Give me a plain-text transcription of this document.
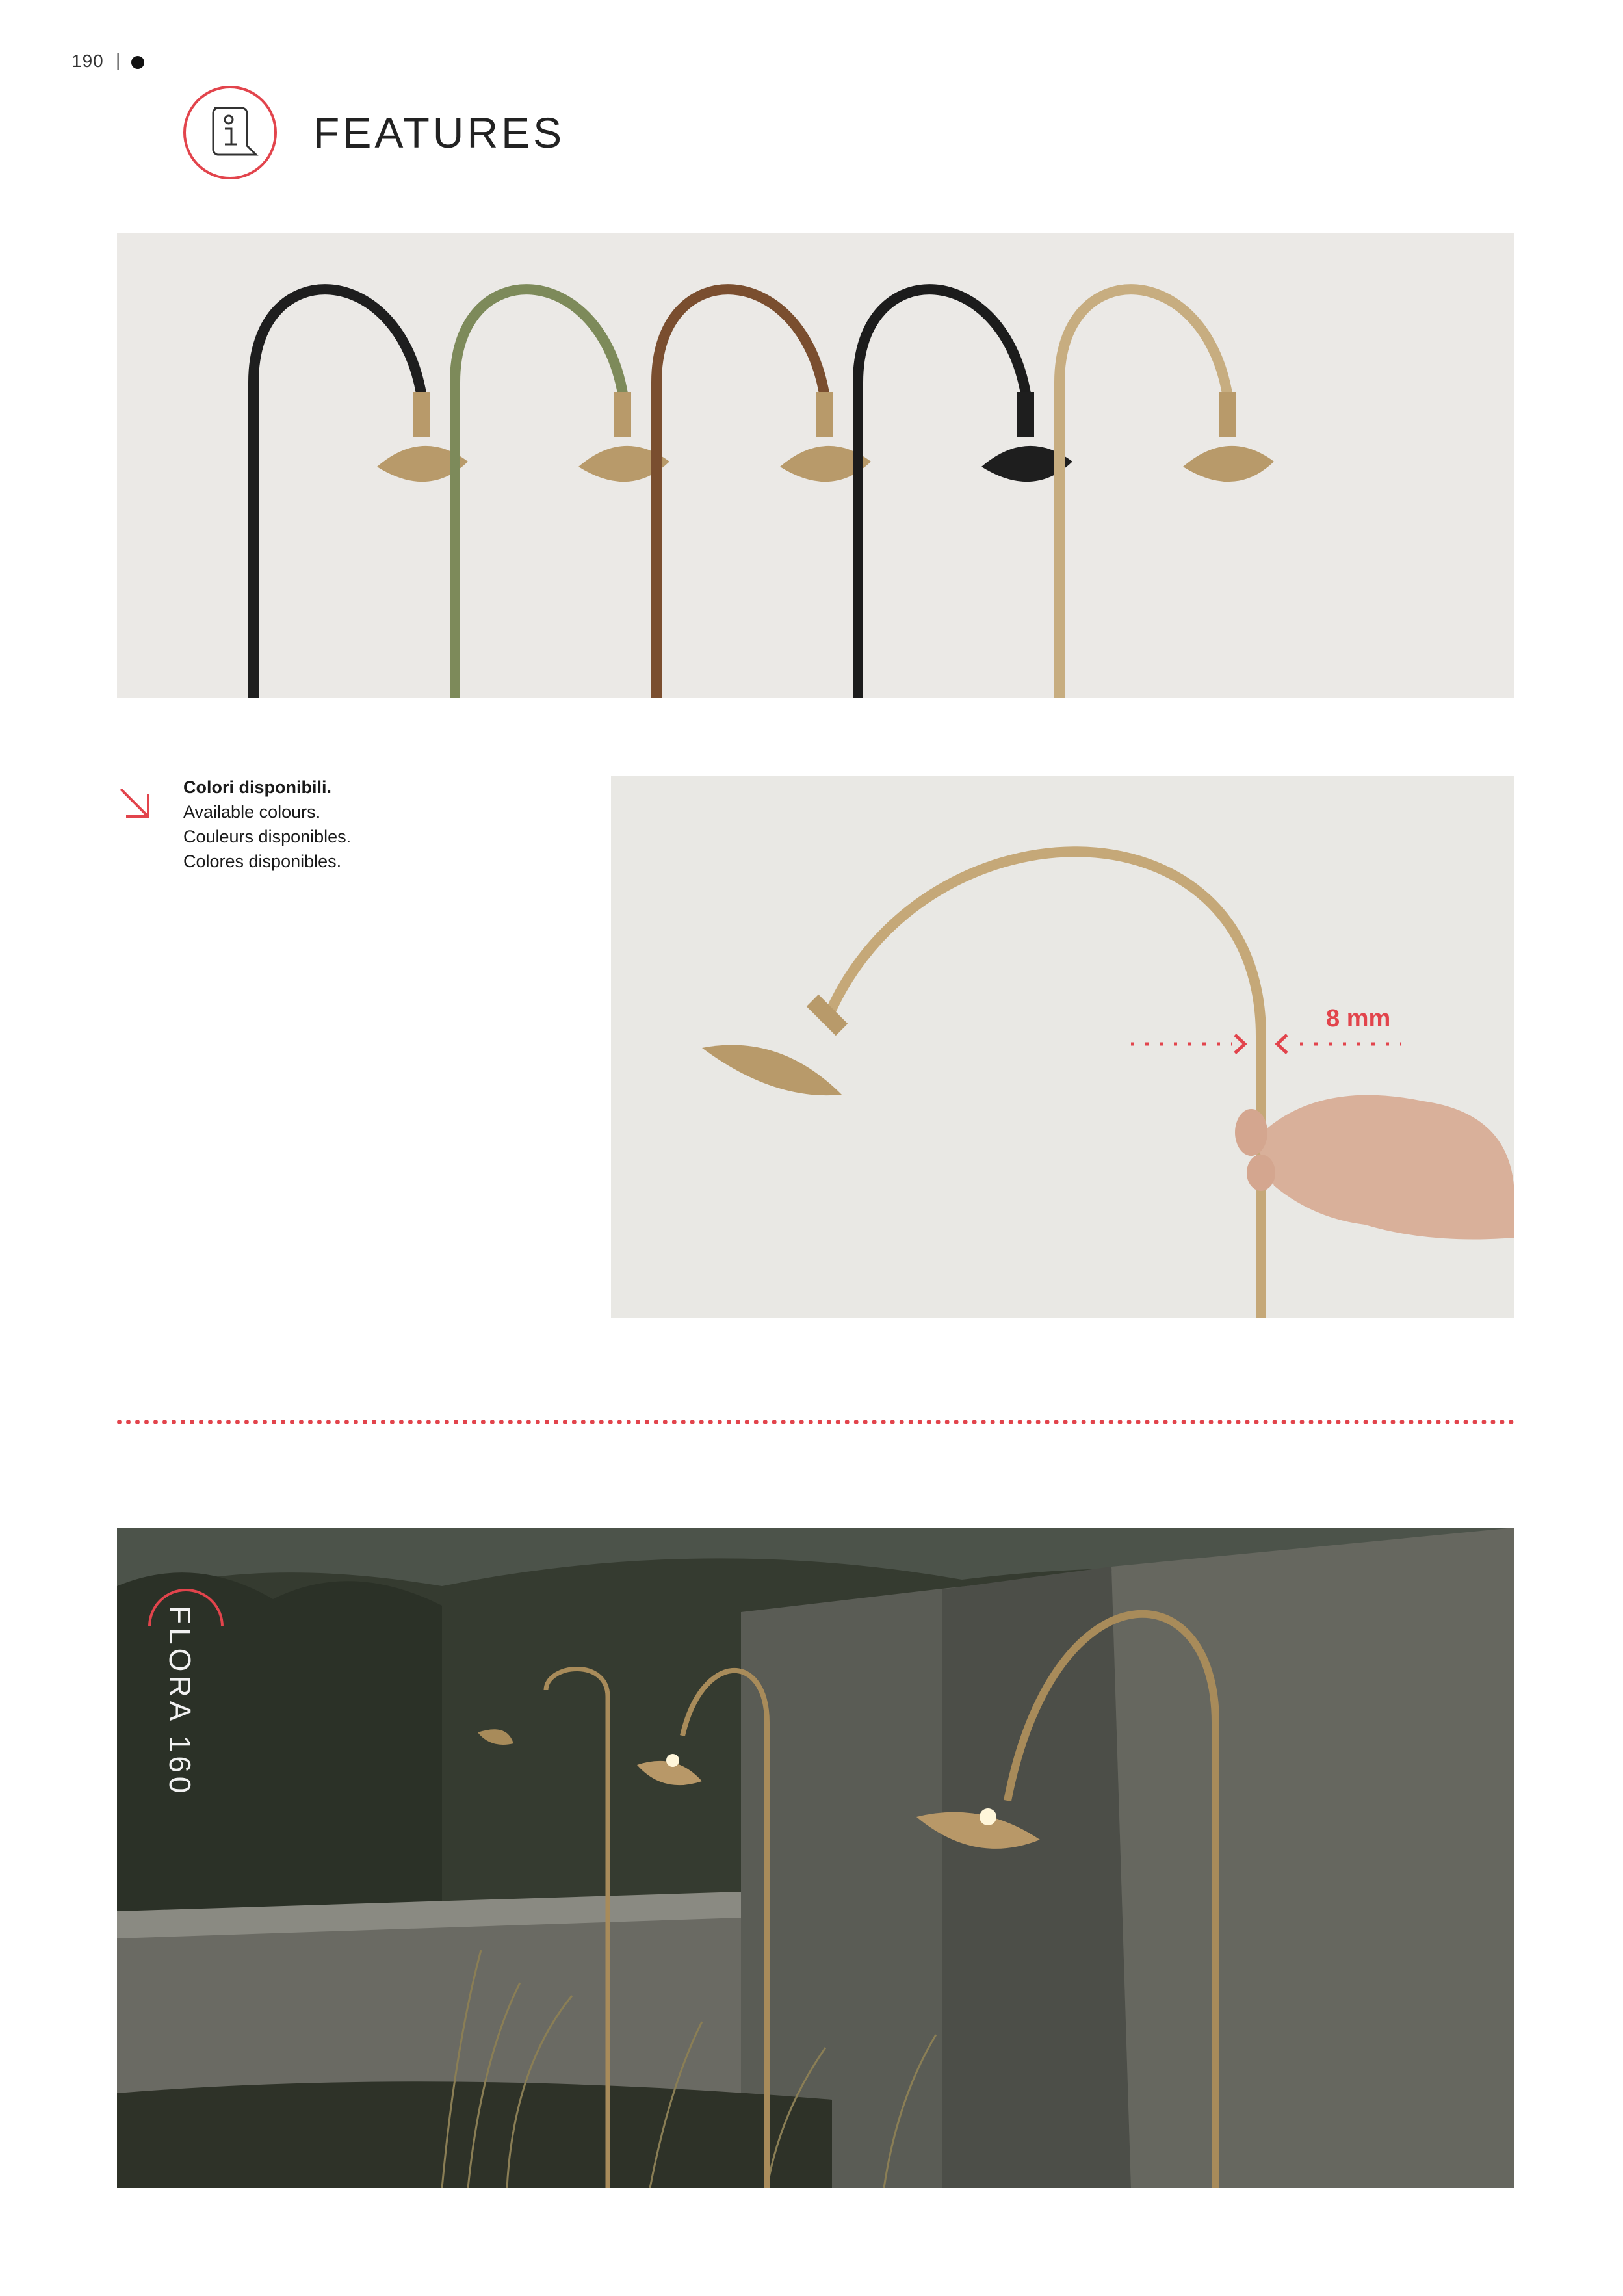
190 |
FEATURES
Colori disponibili.
Available colours.
Couleurs disponibles.
Colores disponibles.
8 mm
FLORA 160
